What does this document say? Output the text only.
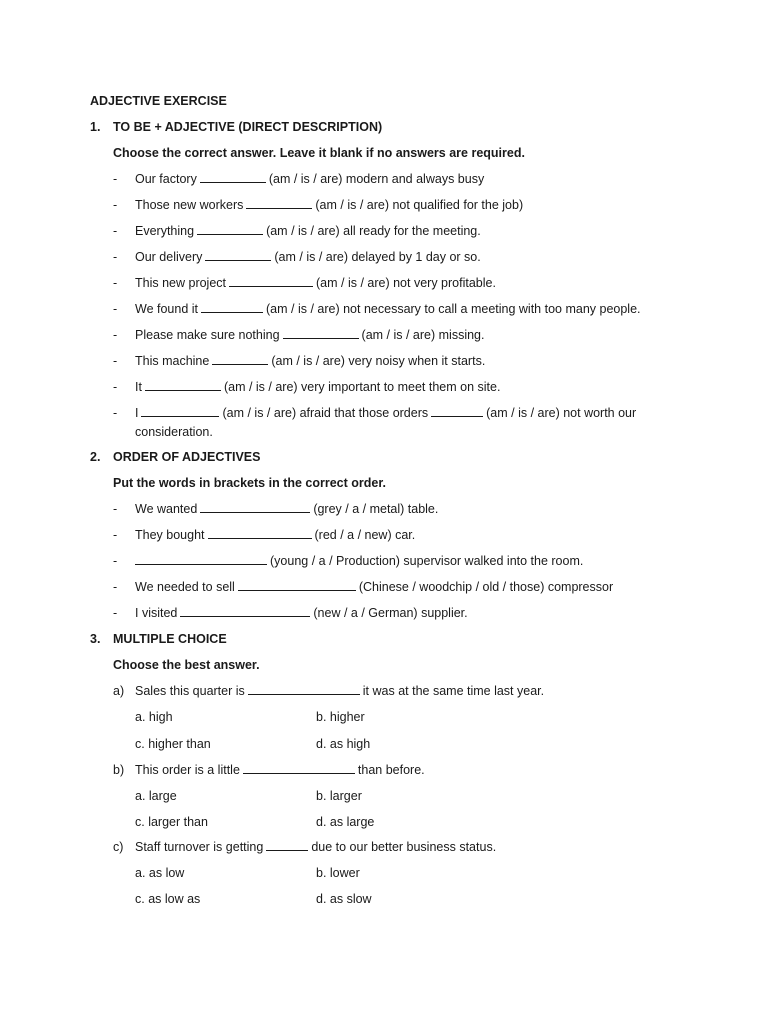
ADJECTIVE EXERCISE
1. TO BE + ADJECTIVE (DIRECT DESCRIPTION)
Choose the correct answer. Leave it blank if no answers are required.
- Our factory	(am / is / are) modern and always busy
- Those new workers	(am / is / are) not qualified for the job)
- Everything	(am / is / are) all ready for the meeting.
- Our delivery	(am / is / are) delayed by 1 day or so.
- This new project	(am / is / are) not very profitable.
- We found it	(am / is / are) not necessary to call a meeting with too many people.
- Please make sure nothing	(am / is / are) missing.
- This machine	(am / is / are) very noisy when it starts.
- It	(am / is / are) very important to meet them on site.
- I	(am / is / are) afraid that those orders	(am / is / are) not worth our
consideration.
2. ORDER OF ADJECTIVES
Put the words in brackets in the correct order.
- We wanted	(grey / a / metal) table.
- They bought	(red / a / new) car.
-	(young / a / Production) supervisor walked into the room.
- We needed to sell	(Chinese / woodchip / old / those) compressor
- I visited	(new / a / German) supplier.
3. MULTIPLE CHOICE
Choose the best answer.
a) Sales this quarter is	it was at the same time last year.
a. high	b. higher
c. higher than	d. as high
b) This order is a little	than before.
a. large	b. larger
c. larger than	d. as large
c) Staff turnover is getting	due to our better business status.
a. as low	b. lower
c. as low as	d. as slow
